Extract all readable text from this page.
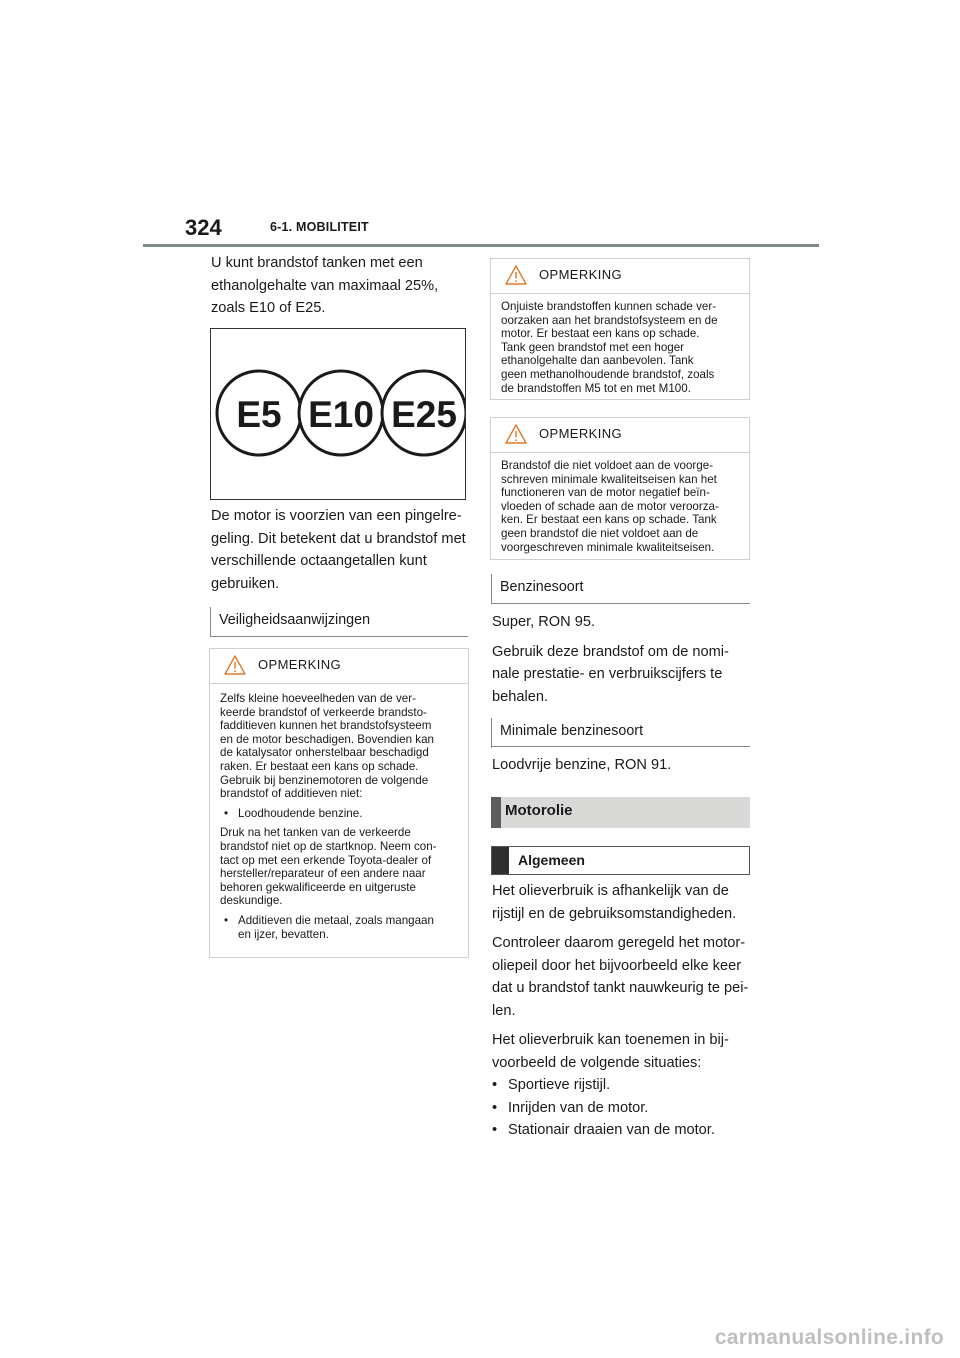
324	6-1. MOBILITEIT
U kunt brandstof tanken met een
ethanolgehalte van maximaal 25%,
zoals E10 of E25.
E5 E10 E25
De motor is voorzien van een pingelre-
geling. Dit betekent dat u brandstof met
verschillende octaangetallen kunt
gebruiken.
Veiligheidsaanwijzingen
OPMERKING

Zelfs kleine hoeveelheden van de ver-
keerde brandstof of verkeerde brandsto-
fadditieven kunnen het brandstofsysteem
en de motor beschadigen. Bovendien kan
de katalysator onherstelbaar beschadigd
raken. Er bestaat een kans op schade.
Gebruik bij benzinemotoren de volgende
brandstof of additieven niet:

• Loodhoudende benzine.

Druk na het tanken van de verkeerde
brandstof niet op de startknop. Neem con-
tact op met een erkende Toyota-dealer of
hersteller/reparateur of een andere naar
behoren gekwalificeerde en uitgeruste
deskundige.

• Additieven die metaal, zoals mangaan
en ijzer, bevatten.
OPMERKING
Onjuiste brandstoffen kunnen schade ver-
oorzaken aan het brandstofsysteem en de
motor. Er bestaat een kans op schade.
Tank geen brandstof met een hoger
ethanolgehalte dan aanbevolen. Tank
geen methanolhoudende brandstof, zoals
de brandstoffen M5 tot en met M100.
OPMERKING
Brandstof die niet voldoet aan de voorge-
schreven minimale kwaliteitseisen kan het
functioneren van de motor negatief beïn-
vloeden of schade aan de motor veroorza-
ken. Er bestaat een kans op schade. Tank
geen brandstof die niet voldoet aan de
voorgeschreven minimale kwaliteitseisen.
Benzinesoort

Super, RON 95.

Gebruik deze brandstof om de nomi-
nale prestatie- en verbruikscijfers te
behalen.
Minimale benzinesoort
Loodvrije benzine, RON 91.
Motorolie
Algemeen

Het olieverbruik is afhankelijk van de
rijstijl en de gebruiksomstandigheden.

Controleer daarom geregeld het motor-
oliepeil door het bijvoorbeeld elke keer
dat u brandstof tankt nauwkeurig te pei-
len.

Het olieverbruik kan toenemen in bij-
voorbeeld de volgende situaties:
• Sportieve rijstijl.
• Inrijden van de motor.
• Stationair draaien van de motor.
carmanualsonline.info
